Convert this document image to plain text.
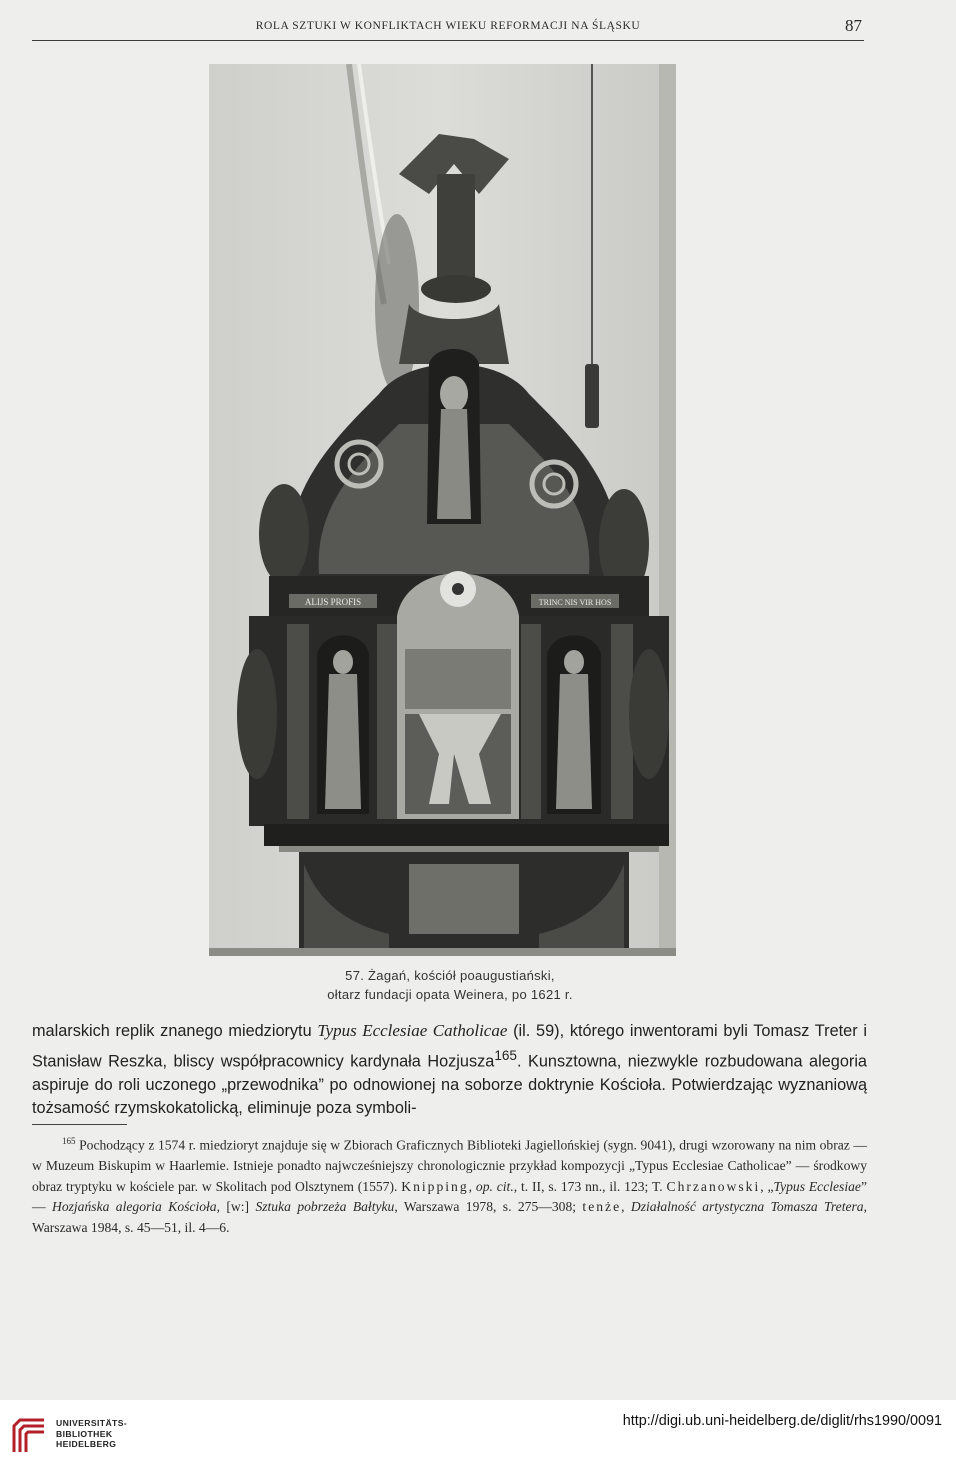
ROLA SZTUKI W KONFLIKTACH WIEKU REFORMACJI NA ŚLĄSKU	87
ALIJS PROFIS	TRINC NIS VIR HOS
57. Żagań, kościół poaugustiański,
ołtarz fundacji opata Weinera, po 1621 r.

malarskich replik znanego miedziorytu Typus Ecclesiae Catholicae (il. 59), którego inwentorami byli Tomasz Treter i Stanisław Reszka, bliscy współpracownicy kardynała Hozjusza$^{165}$. Kunsztowna, niezwykle rozbudowana alegoria aspiruje do roli uczonego „przewodnika” po odnowionej na soborze doktrynie Kościoła. Potwierdzając wyznaniową tożsamość rzymskokatolicką, eliminuje poza symboli-

$^{165}$ Pochodzący z 1574 r. miedzioryt znajduje się w Zbiorach Graficznych Biblioteki Jagiellońskiej (sygn. 9041), drugi wzorowany na nim obraz — w Muzeum Biskupim w Haarlemie. Istnieje ponadto najwcześniejszy chronologicznie przykład kompozycji „Typus Ecclesiae Catholicae” — środkowy obraz tryptyku w kościele par. w Skolitach pod Olsztynem (1557). Knipping, op. cit., t. II, s. 173 nn., il. 123; T. Chrzanowski, „Typus Ecclesiae” — Hozjańska alegoria Kościoła, [w:] Sztuka pobrzeża Bałtyku, Warszawa 1978, s. 275—308; tenże, Działalność artystyczna Tomasza Tretera, Warszawa 1984, s. 45—51, il. 4—6.

UNIVERSITÄTS-
BIBLIOTHEK
HEIDELBERG
http://digi.ub.uni-heidelberg.de/diglit/rhs1990/0091
